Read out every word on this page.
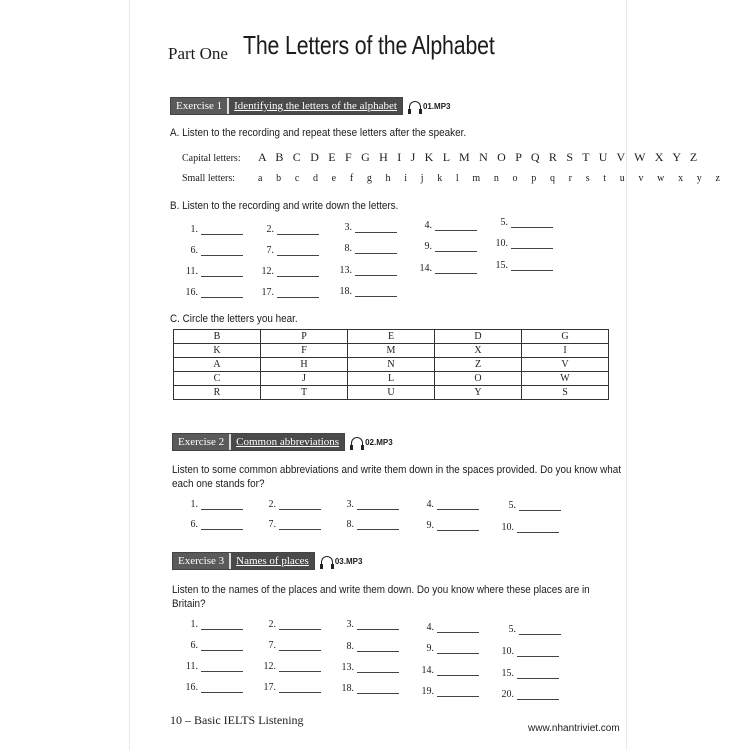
Part One The Letters of the Alphabet
Exercise 1	Identifying the letters of the alphabet	01.MP3
A. Listen to the recording and repeat these letters after the speaker.
Capital letters: A B C D E F G H I J K L M N O P Q R S T U V W X Y Z
Small letters: a b c d e f g h i j k l m n o p q r s t u v w x y z
B. Listen to the recording and write down the letters.
1.	2.	3.	4.	5.
6.	7.	8.	9.	10.
11.	12.	13.	14.	15.
16.	17.	18.
C. Circle the letters you hear.
B	P	E	D	G
K	F	M	X	I
A	H	N	Z	V
C	J	L	O	W
R	T	U	Y	S
Exercise 2	Common abbreviations	02.MP3
Listen to some common abbreviations and write them down in the spaces provided. Do you know what each one stands for?
1.	2.	3.	4.	5.
6.	7.	8.	9.	10.
Exercise 3	Names of places	03.MP3
Listen to the names of the places and write them down. Do you know where these places are in Britain?
1.	2.	3.	4.	5.
6.	7.	8.	9.	10.
11.	12.	13.	14.	15.
16.	17.	18.	19.	20.
10 – Basic IELTS Listening
www.nhantriviet.com
